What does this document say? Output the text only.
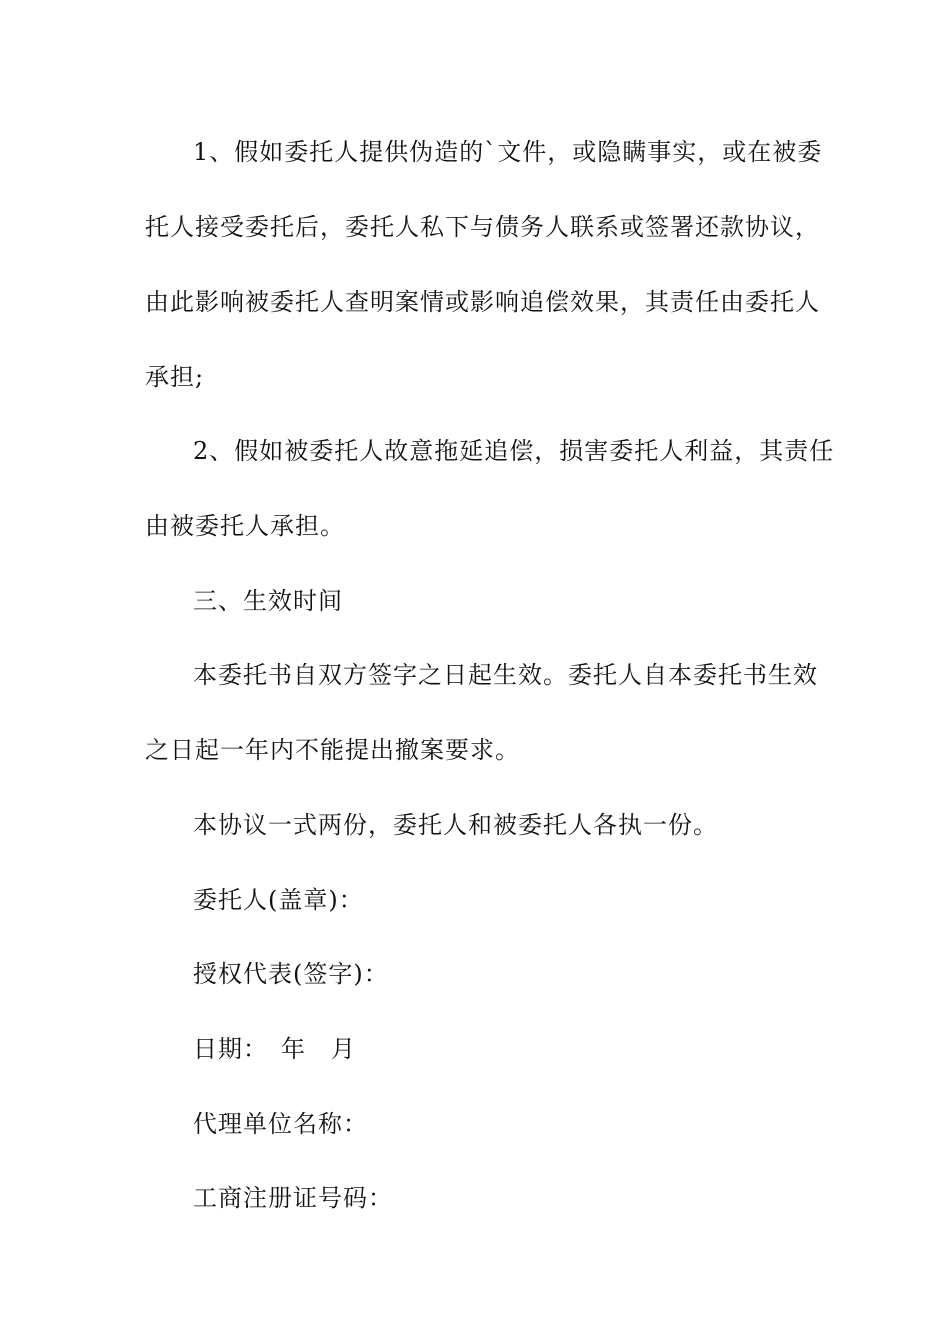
1、假如委托人提供伪造的`文件，或隐瞒事实，或在被委
托人接受委托后，委托人私下与债务人联系或签署还款协议，
由此影响被委托人查明案情或影响追偿效果，其责任由委托人
承担;
2、假如被委托人故意拖延追偿，损害委托人利益，其责任
由被委托人承担。
三、生效时间
本委托书自双方签字之日起生效。委托人自本委托书生效
之日起一年内不能提出撤案要求。
本协议一式两份，委托人和被委托人各执一份。
委托人(盖章)：
授权代表(签字)：
日期：　年　月
代理单位名称：
工商注册证号码：
